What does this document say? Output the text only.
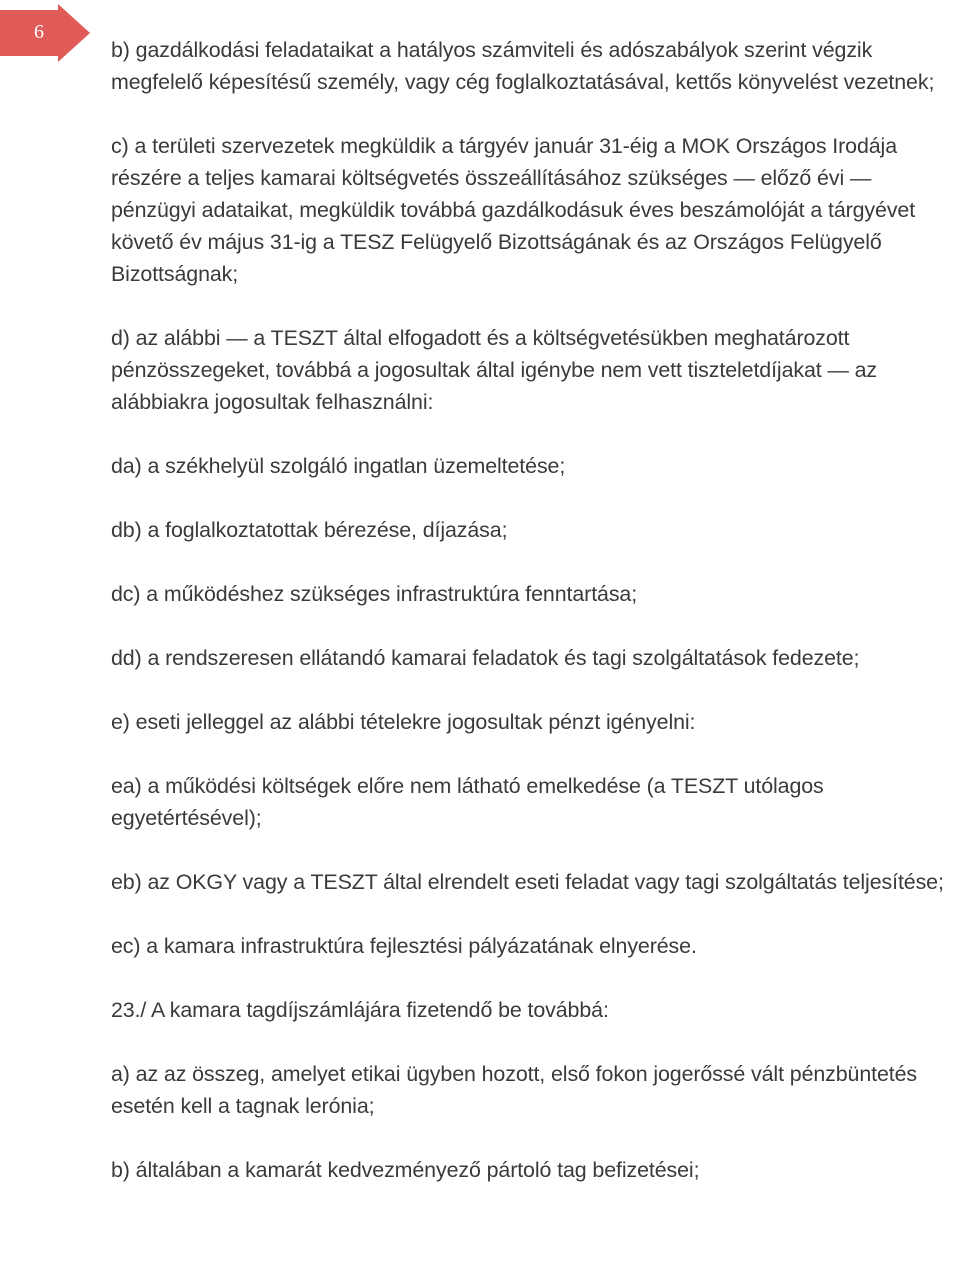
6

b) gazdálkodási feladataikat a hatályos számviteli és adószabályok szerint végzik megfelelő képesítésű személy, vagy cég foglalkoztatásával, kettős könyvelést vezetnek;

c) a területi szervezetek megküldik a tárgyév január 31-éig a MOK Országos Irodája részére a teljes kamarai költségvetés összeállításához szükséges — előző évi — pénzügyi adataikat, megküldik továbbá gazdálkodásuk éves beszámolóját a tárgyévet követő év május 31-ig a TESZ Felügyelő Bizottságának és az Országos Felügyelő Bizottságnak;

d) az alábbi — a TESZT által elfogadott és a költségvetésükben meghatározott pénzösszegeket, továbbá a jogosultak által igénybe nem vett tiszteletdíjakat — az alábbiakra jogosultak felhasználni:

da) a székhelyül szolgáló ingatlan üzemeltetése;

db) a foglalkoztatottak bérezése, díjazása;

dc) a működéshez szükséges infrastruktúra fenntartása;

dd) a rendszeresen ellátandó kamarai feladatok és tagi szolgáltatások fedezete;

e) eseti jelleggel az alábbi tételekre jogosultak pénzt igényelni:

ea) a működési költségek előre nem látható emelkedése (a TESZT utólagos egyetértésével);

eb) az OKGY vagy a TESZT által elrendelt eseti feladat vagy tagi szolgáltatás teljesítése;

ec) a kamara infrastruktúra fejlesztési pályázatának elnyerése.

23./ A kamara tagdíjszámlájára fizetendő be továbbá:

a) az az összeg, amelyet etikai ügyben hozott, első fokon jogerőssé vált pénzbüntetés esetén kell a tagnak lerónia;

b) általában a kamarát kedvezményező pártoló tag befizetései;
